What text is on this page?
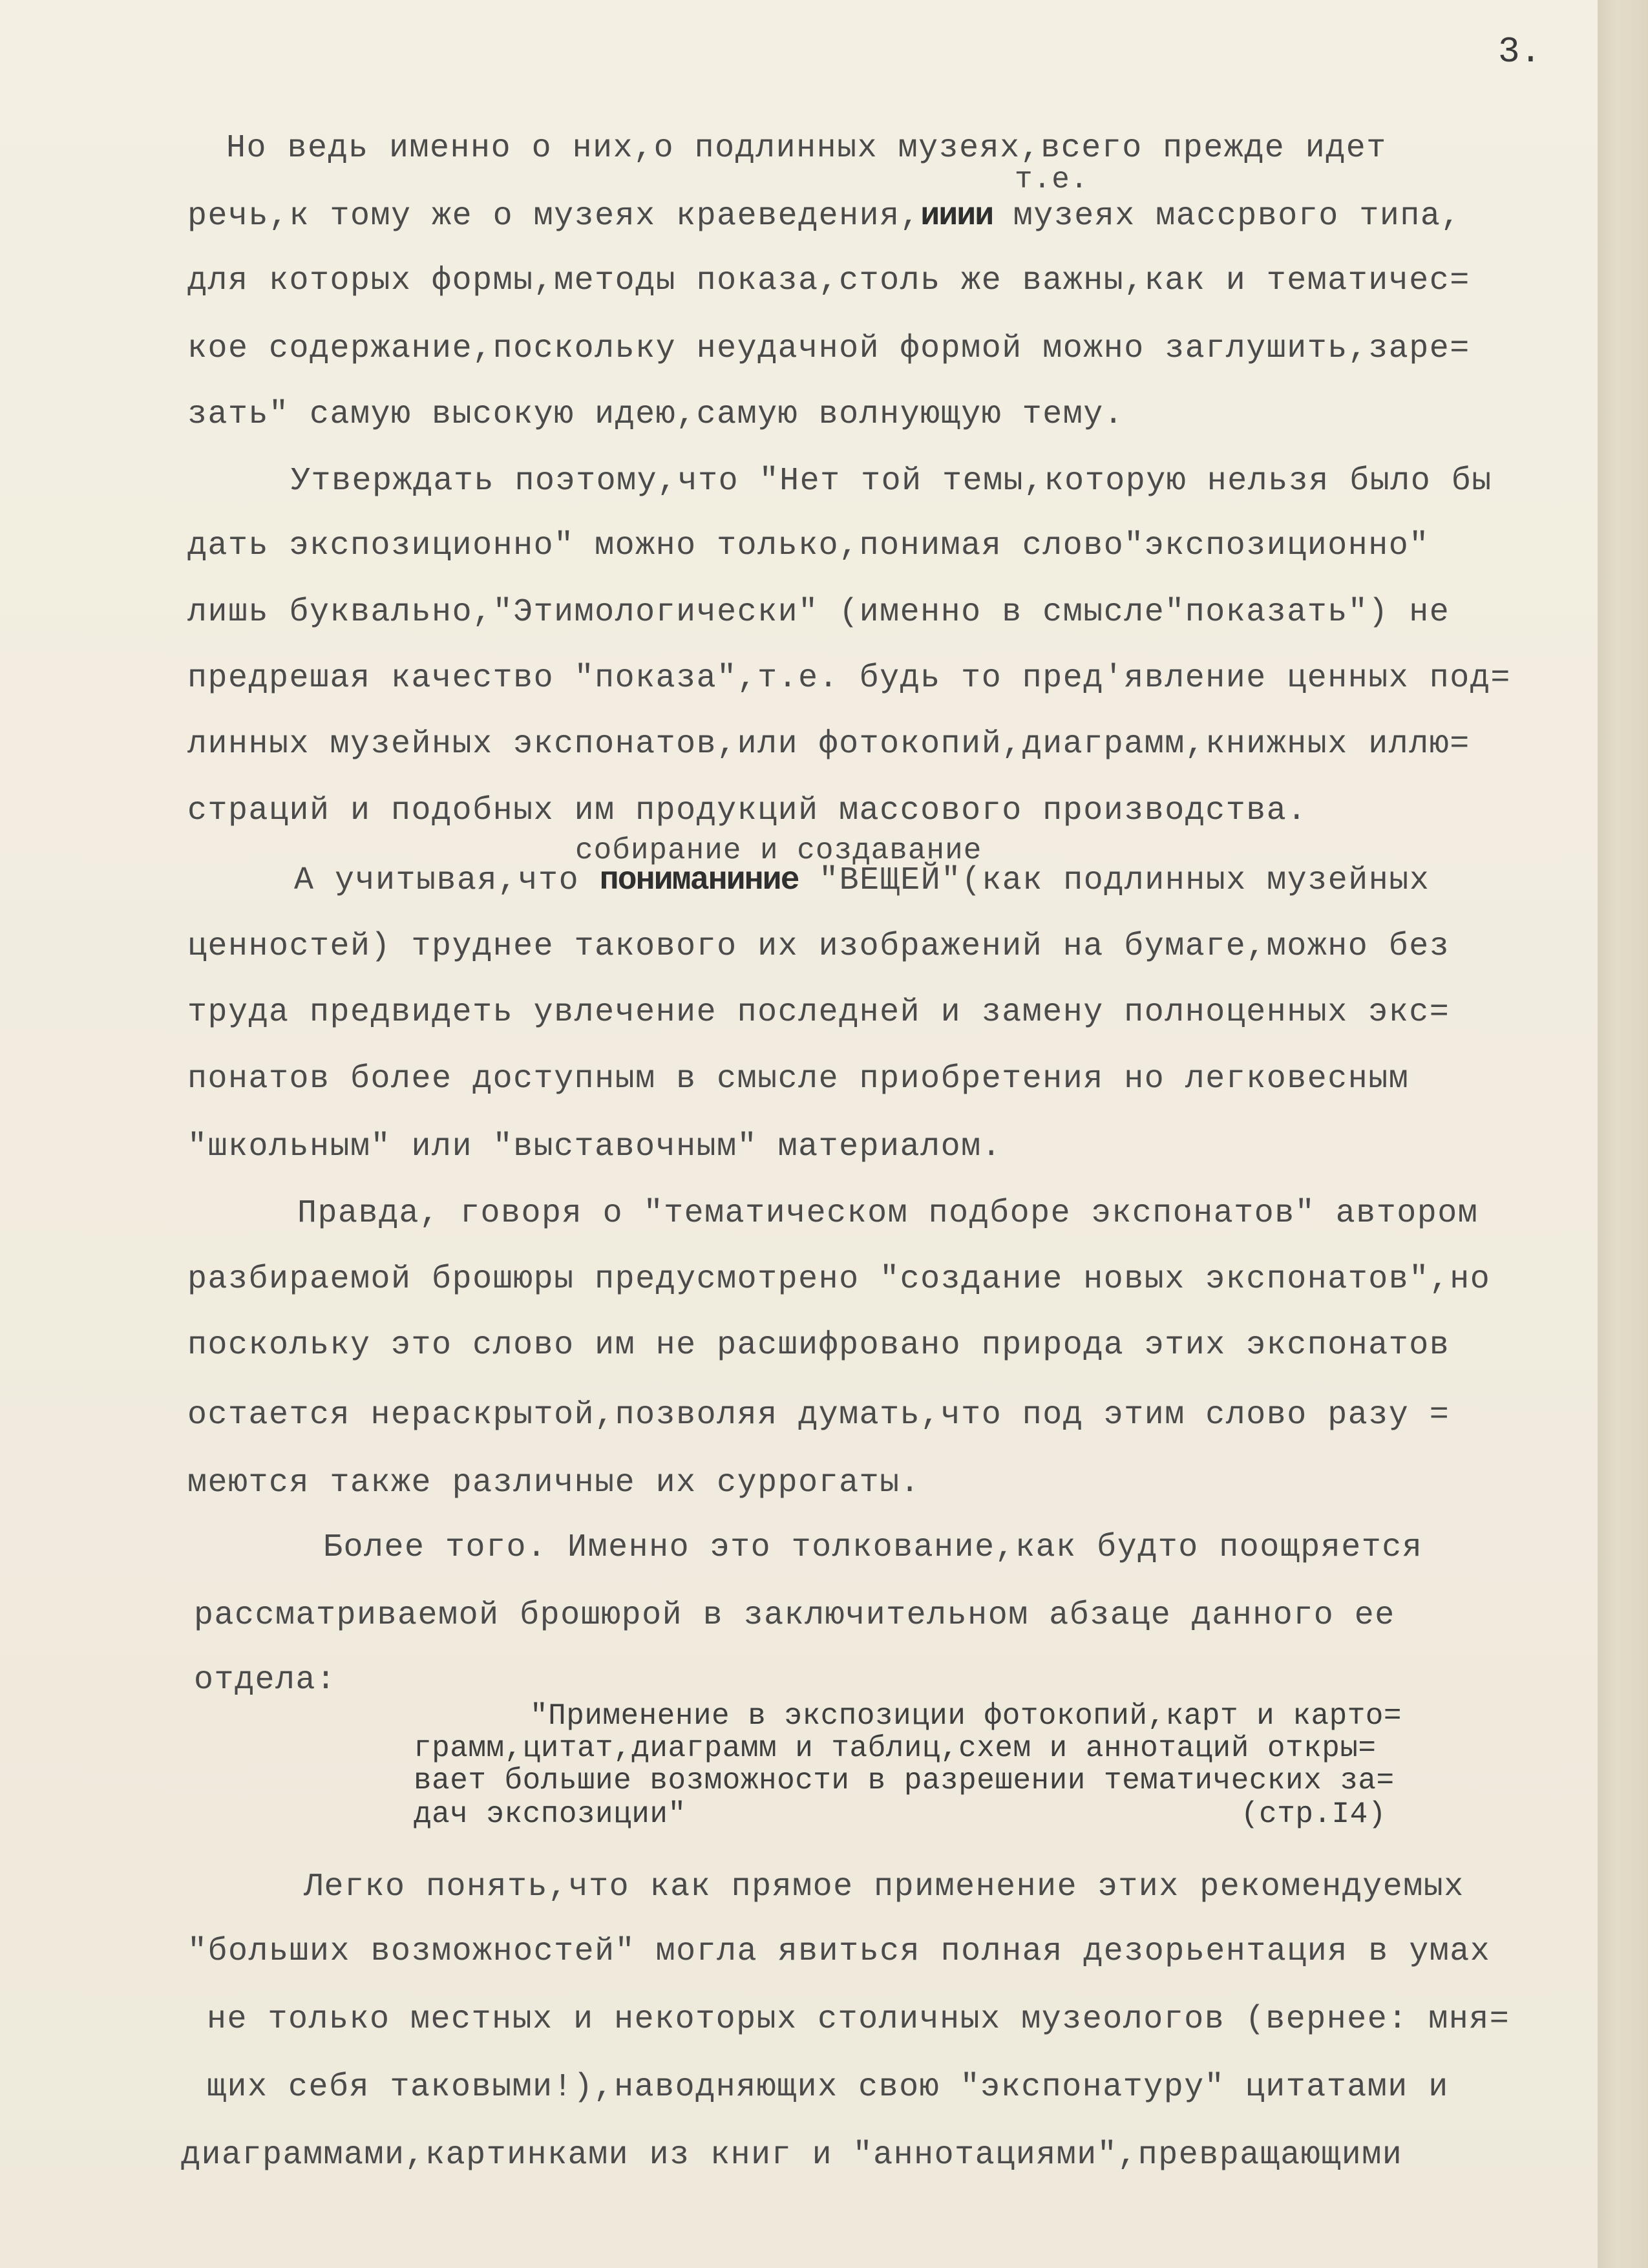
3.
Но ведь именно о них,о подлинных музеях,всего прежде идет
т.е.
речь,к тому же о музеях краеведения,ииии музеях массрвого типа,
для которых формы,методы показа,столь же важны,как и тематичес=
кое содержание,поскольку неудачной формой можно заглушить,заре=
зать" самую высокую идею,самую волнующую тему.
Утверждать поэтому,что "Нет той темы,которую нельзя было бы
дать экспозиционно" можно только,понимая слово"экспозиционно"
лишь буквально,"Этимологически" (именно в смысле"показать") не
предрешая качество "показа",т.е. будь то пред'явление ценных под=
линных музейных экспонатов,или фотокопий,диаграмм,книжных иллю=
страций и подобных им продукций массового производства.
собирание и создавание
А учитывая,что пониманиние "ВЕЩЕЙ"(как подлинных музейных
ценностей) труднее такового их изображений на бумаге,можно без
труда предвидеть увлечение последней и замену полноценных экс=
понатов более доступным в смысле приобретения но легковесным
"школьным" или "выставочным" материалом.
Правда, говоря о "тематическом подборе экспонатов" автором
разбираемой брошюры предусмотрено "создание новых экспонатов",но
поскольку это слово им не расшифровано природа этих экспонатов
остается нераскрытой,позволяя думать,что под этим слово разу =
меются также различные их суррогаты.
Более того. Именно это толкование,как будто поощряется
рассматриваемой брошюрой в заключительном абзаце данного ее
отдела:
"Применение в экспозиции фотокопий,карт и карто=
грамм,цитат,диаграмм и таблиц,схем и аннотаций откры=
вает большие возможности в разрешении тематических за=
дач экспозиции"	(стр.I4)
Легко понять,что как прямое применение этих рекомендуемых
"больших возможностей" могла явиться полная дезорьентация в умах
не только местных и некоторых столичных музеологов (вернее: мня=
щих себя таковыми!),наводняющих свою "экспонатуру" цитатами и
диаграммами,картинками из книг и "аннотациями",превращающими
